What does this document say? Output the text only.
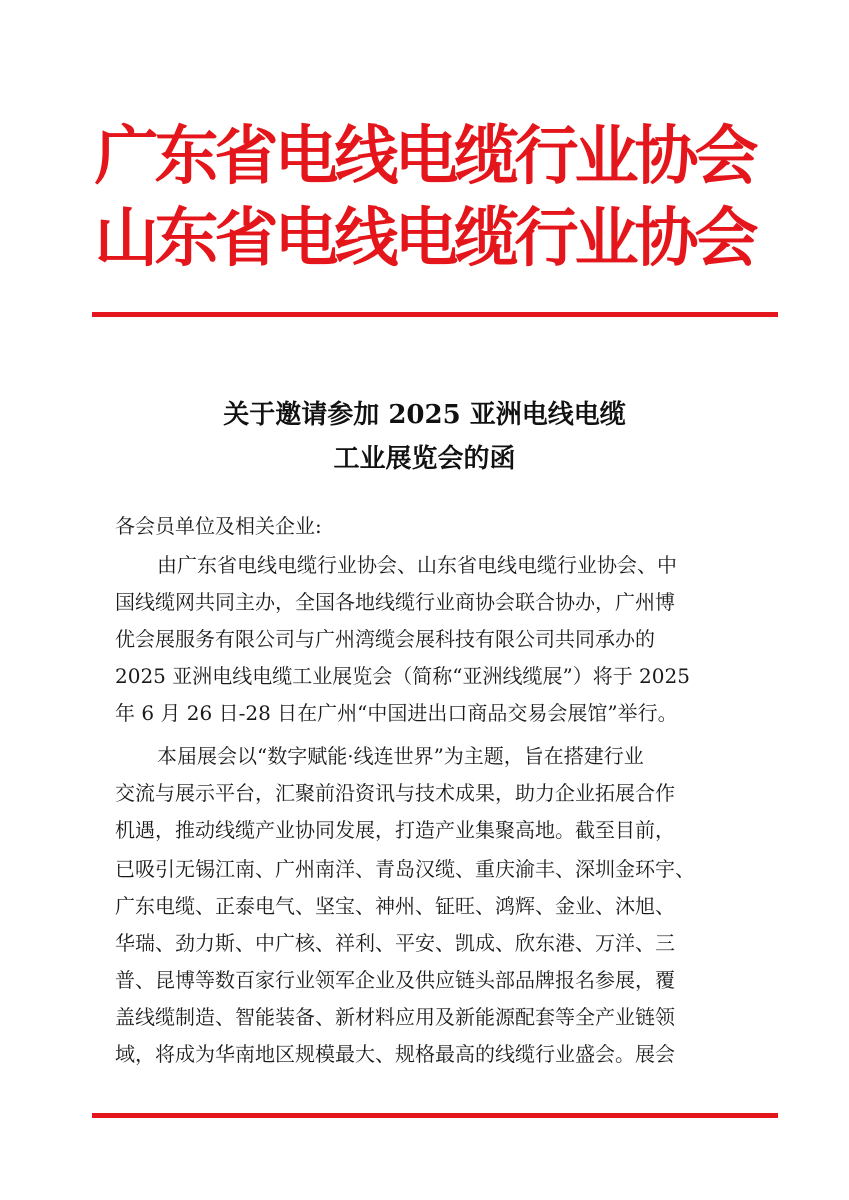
广东省电线电缆行业协会
山东省电线电缆行业协会
关于邀请参加 2025 亚洲电线电缆
工业展览会的函
各会员单位及相关企业:
由广东省电线电缆行业协会、山东省电线电缆行业协会、中
国线缆网共同主办，全国各地线缆行业商协会联合协办，广州博
优会展服务有限公司与广州湾缆会展科技有限公司共同承办的
2025 亚洲电线电缆工业展览会（简称“亚洲线缆展”）将于 2025
年 6 月 26 日-28 日在广州“中国进出口商品交易会展馆”举行。
本届展会以“数字赋能·线连世界”为主题，旨在搭建行业
交流与展示平台，汇聚前沿资讯与技术成果，助力企业拓展合作
机遇，推动线缆产业协同发展，打造产业集聚高地。截至目前，
已吸引无锡江南、广州南洋、青岛汉缆、重庆渝丰、深圳金环宇、
广东电缆、正泰电气、坚宝、神州、钲旺、鸿辉、金业、沐旭、
华瑞、劲力斯、中广核、祥利、平安、凯成、欣东港、万洋、三
普、昆博等数百家行业领军企业及供应链头部品牌报名参展，覆
盖线缆制造、智能装备、新材料应用及新能源配套等全产业链领
域，将成为华南地区规模最大、规格最高的线缆行业盛会。展会
